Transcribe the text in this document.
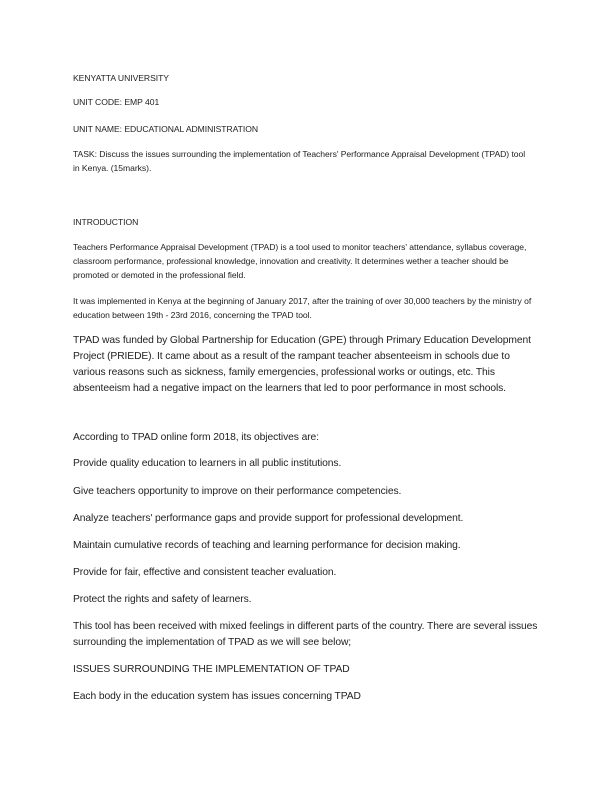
KENYATTA UNIVERSITY

UNIT CODE: EMP 401

UNIT NAME: EDUCATIONAL ADMINISTRATION

TASK: Discuss the issues surrounding the implementation of Teachers' Performance Appraisal Development (TPAD) tool in Kenya. (15marks).

INTRODUCTION

Teachers Performance Appraisal Development (TPAD) is a tool used to monitor teachers' attendance, syllabus coverage, classroom performance, professional knowledge, innovation and creativity. It determines wether a teacher should be promoted or demoted in the professional field.

It was implemented in Kenya at the beginning of January 2017, after the training of over 30,000 teachers by the ministry of education between 19th - 23rd 2016, concerning the TPAD tool.

TPAD was funded by Global Partnership for Education (GPE) through Primary Education Development Project (PRIEDE). It came about as a result of the rampant teacher absenteeism in schools due to various reasons such as sickness, family emergencies, professional works or outings, etc. This absenteeism had a negative impact on the learners that led to poor performance in most schools.

According to TPAD online form 2018, its objectives are:

Provide quality education to learners in all public institutions.

Give teachers opportunity to improve on their performance competencies.

Analyze teachers' performance gaps and provide support for professional development.

Maintain cumulative records of teaching and learning performance for decision making.

Provide for fair, effective and consistent teacher evaluation.

Protect the rights and safety of learners.

This tool has been received with mixed feelings in different parts of the country. There are several issues surrounding the implementation of TPAD as we will see below;

ISSUES SURROUNDING THE IMPLEMENTATION OF TPAD

Each body in the education system has issues concerning TPAD
